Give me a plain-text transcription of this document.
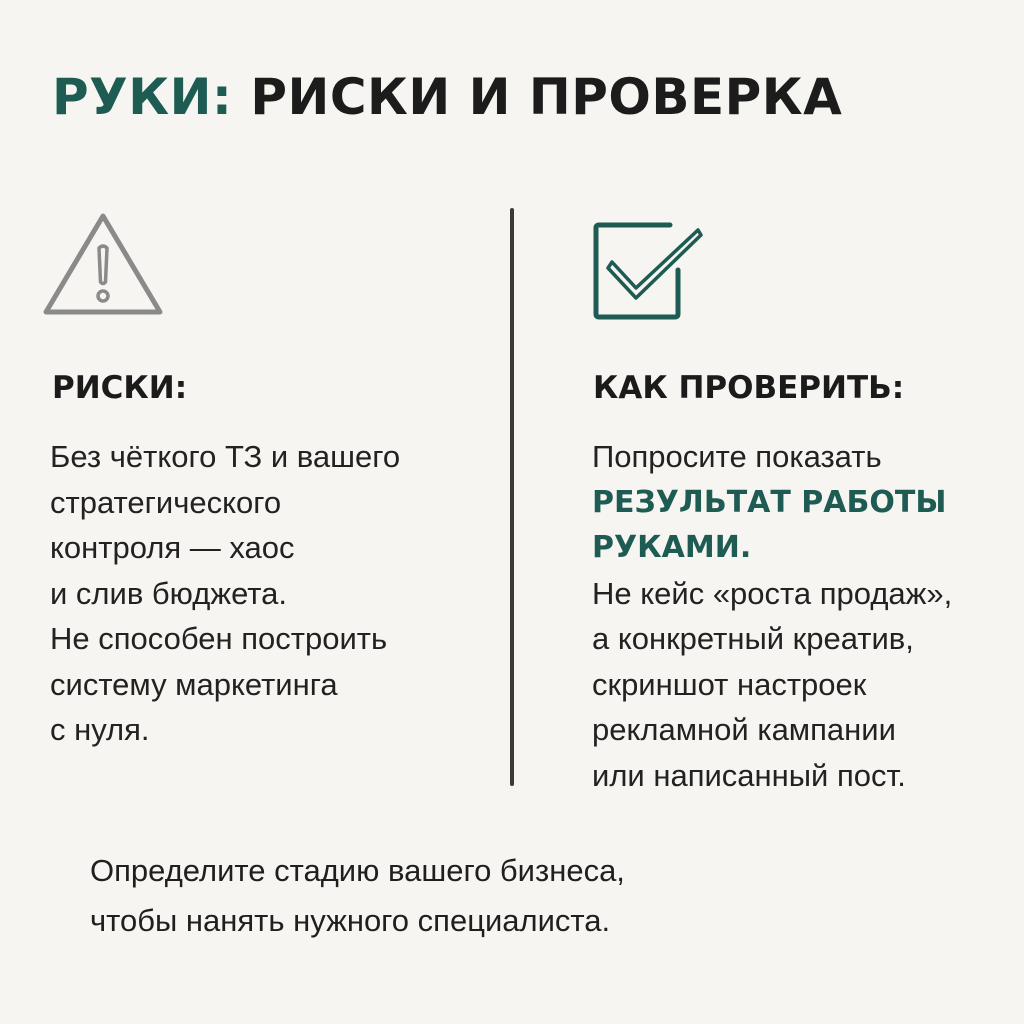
РУКИ: РИСКИ И ПРОВЕРКА
РИСКИ:

Без чёткого ТЗ и вашего
стратегического
контроля — хаос
и слив бюджета.
Не способен построить
систему маркетинга
с нуля.

КАК ПРОВЕРИТЬ:

Попросите показать
РЕЗУЛЬТАТ РАБОТЫ
РУКАМИ.
Не кейс «роста продаж»,
а конкретный креатив,
скриншот настроек
рекламной кампании
или написанный пост.

Определите стадию вашего бизнеса,
чтобы нанять нужного специалиста.
